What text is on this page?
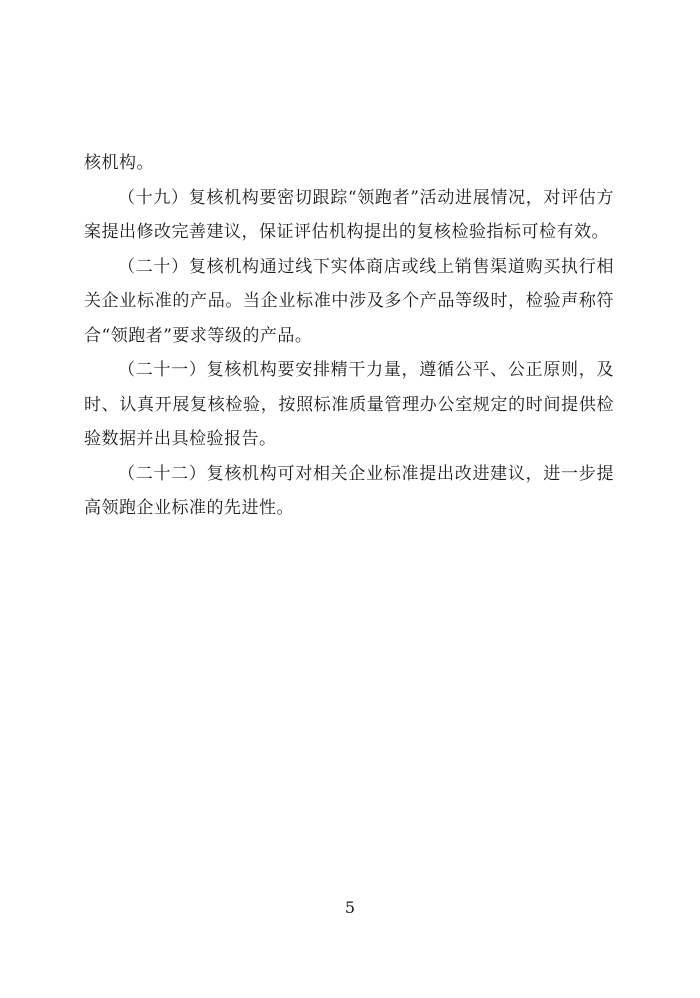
核机构。

（十九）复核机构要密切跟踪“领跑者”活动进展情况，对评估方案提出修改完善建议，保证评估机构提出的复核检验指标可检有效。

（二十）复核机构通过线下实体商店或线上销售渠道购买执行相关企业标准的产品。当企业标准中涉及多个产品等级时，检验声称符合“领跑者”要求等级的产品。

（二十一）复核机构要安排精干力量，遵循公平、公正原则，及时、认真开展复核检验，按照标准质量管理办公室规定的时间提供检验数据并出具检验报告。

（二十二）复核机构可对相关企业标准提出改进建议，进一步提高领跑企业标准的先进性。

5
